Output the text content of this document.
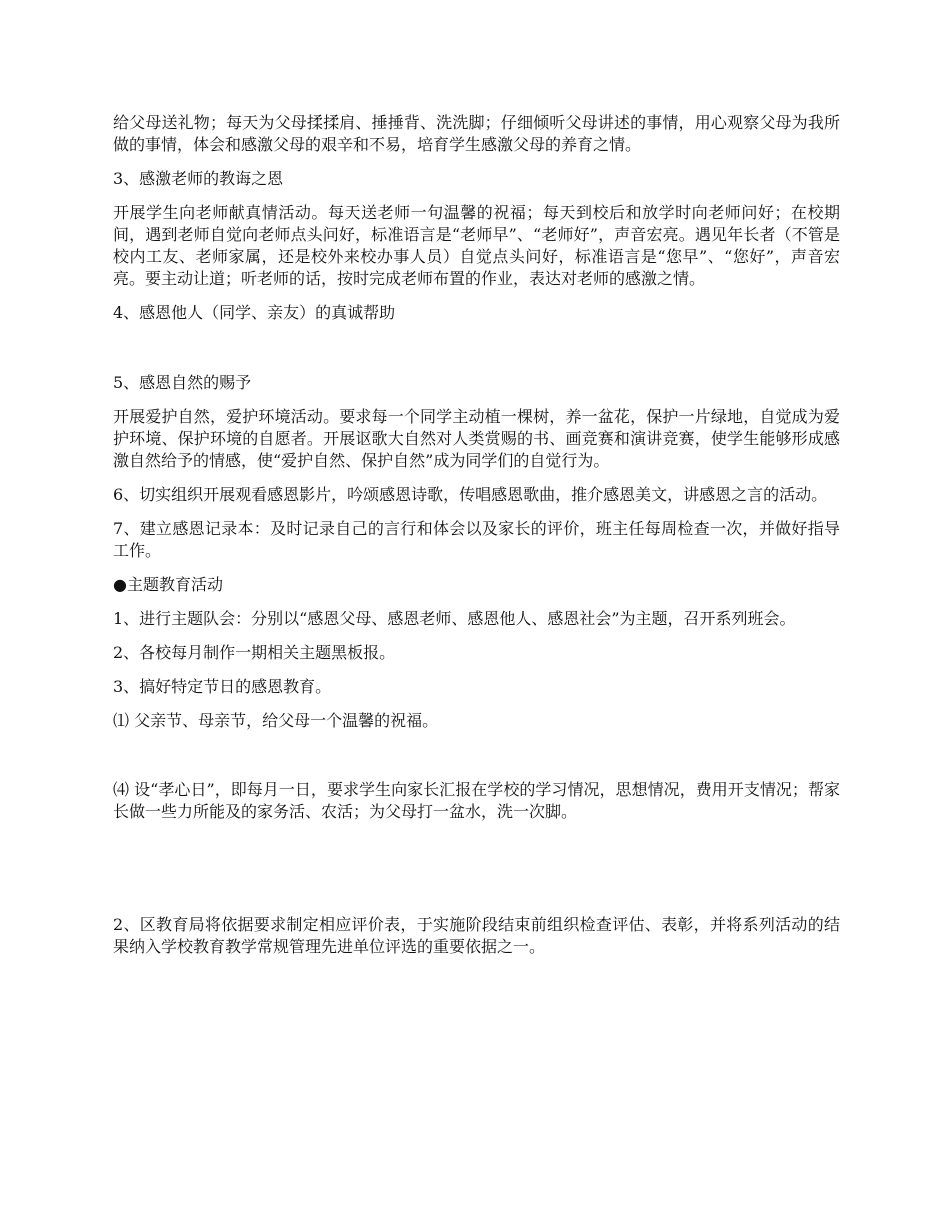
给父母送礼物；每天为父母揉揉肩、捶捶背、洗洗脚；仔细倾听父母讲述的事情，用心观察父母为我所做的事情，体会和感激父母的艰辛和不易，培育学生感激父母的养育之情。

3、感激老师的教诲之恩

开展学生向老师献真情活动。每天送老师一句温馨的祝福；每天到校后和放学时向老师问好；在校期间，遇到老师自觉向老师点头问好，标准语言是“老师早”、“老师好”，声音宏亮。遇见年长者（不管是校内工友、老师家属，还是校外来校办事人员）自觉点头问好，标准语言是“您早”、“您好”，声音宏亮。要主动让道；听老师的话，按时完成老师布置的作业，表达对老师的感激之情。

4、感恩他人（同学、亲友）的真诚帮助

5、感恩自然的赐予

开展爱护自然，爱护环境活动。要求每一个同学主动植一棵树，养一盆花，保护一片绿地，自觉成为爱护环境、保护环境的自愿者。开展讴歌大自然对人类赏赐的书、画竞赛和演讲竞赛，使学生能够形成感激自然给予的情感，使“爱护自然、保护自然”成为同学们的自觉行为。

6、切实组织开展观看感恩影片，吟颂感恩诗歌，传唱感恩歌曲，推介感恩美文，讲感恩之言的活动。

7、建立感恩记录本：及时记录自己的言行和体会以及家长的评价，班主任每周检查一次，并做好指导工作。

●主题教育活动

1、进行主题队会：分别以“感恩父母、感恩老师、感恩他人、感恩社会”为主题，召开系列班会。

2、各校每月制作一期相关主题黑板报。

3、搞好特定节日的感恩教育。

⑴ 父亲节、母亲节，给父母一个温馨的祝福。

⑷ 设“孝心日”，即每月一日，要求学生向家长汇报在学校的学习情况，思想情况，费用开支情况；帮家长做一些力所能及的家务活、农活；为父母打一盆水，洗一次脚。

2、区教育局将依据要求制定相应评价表，于实施阶段结束前组织检查评估、表彰，并将系列活动的结果纳入学校教育教学常规管理先进单位评选的重要依据之一。
